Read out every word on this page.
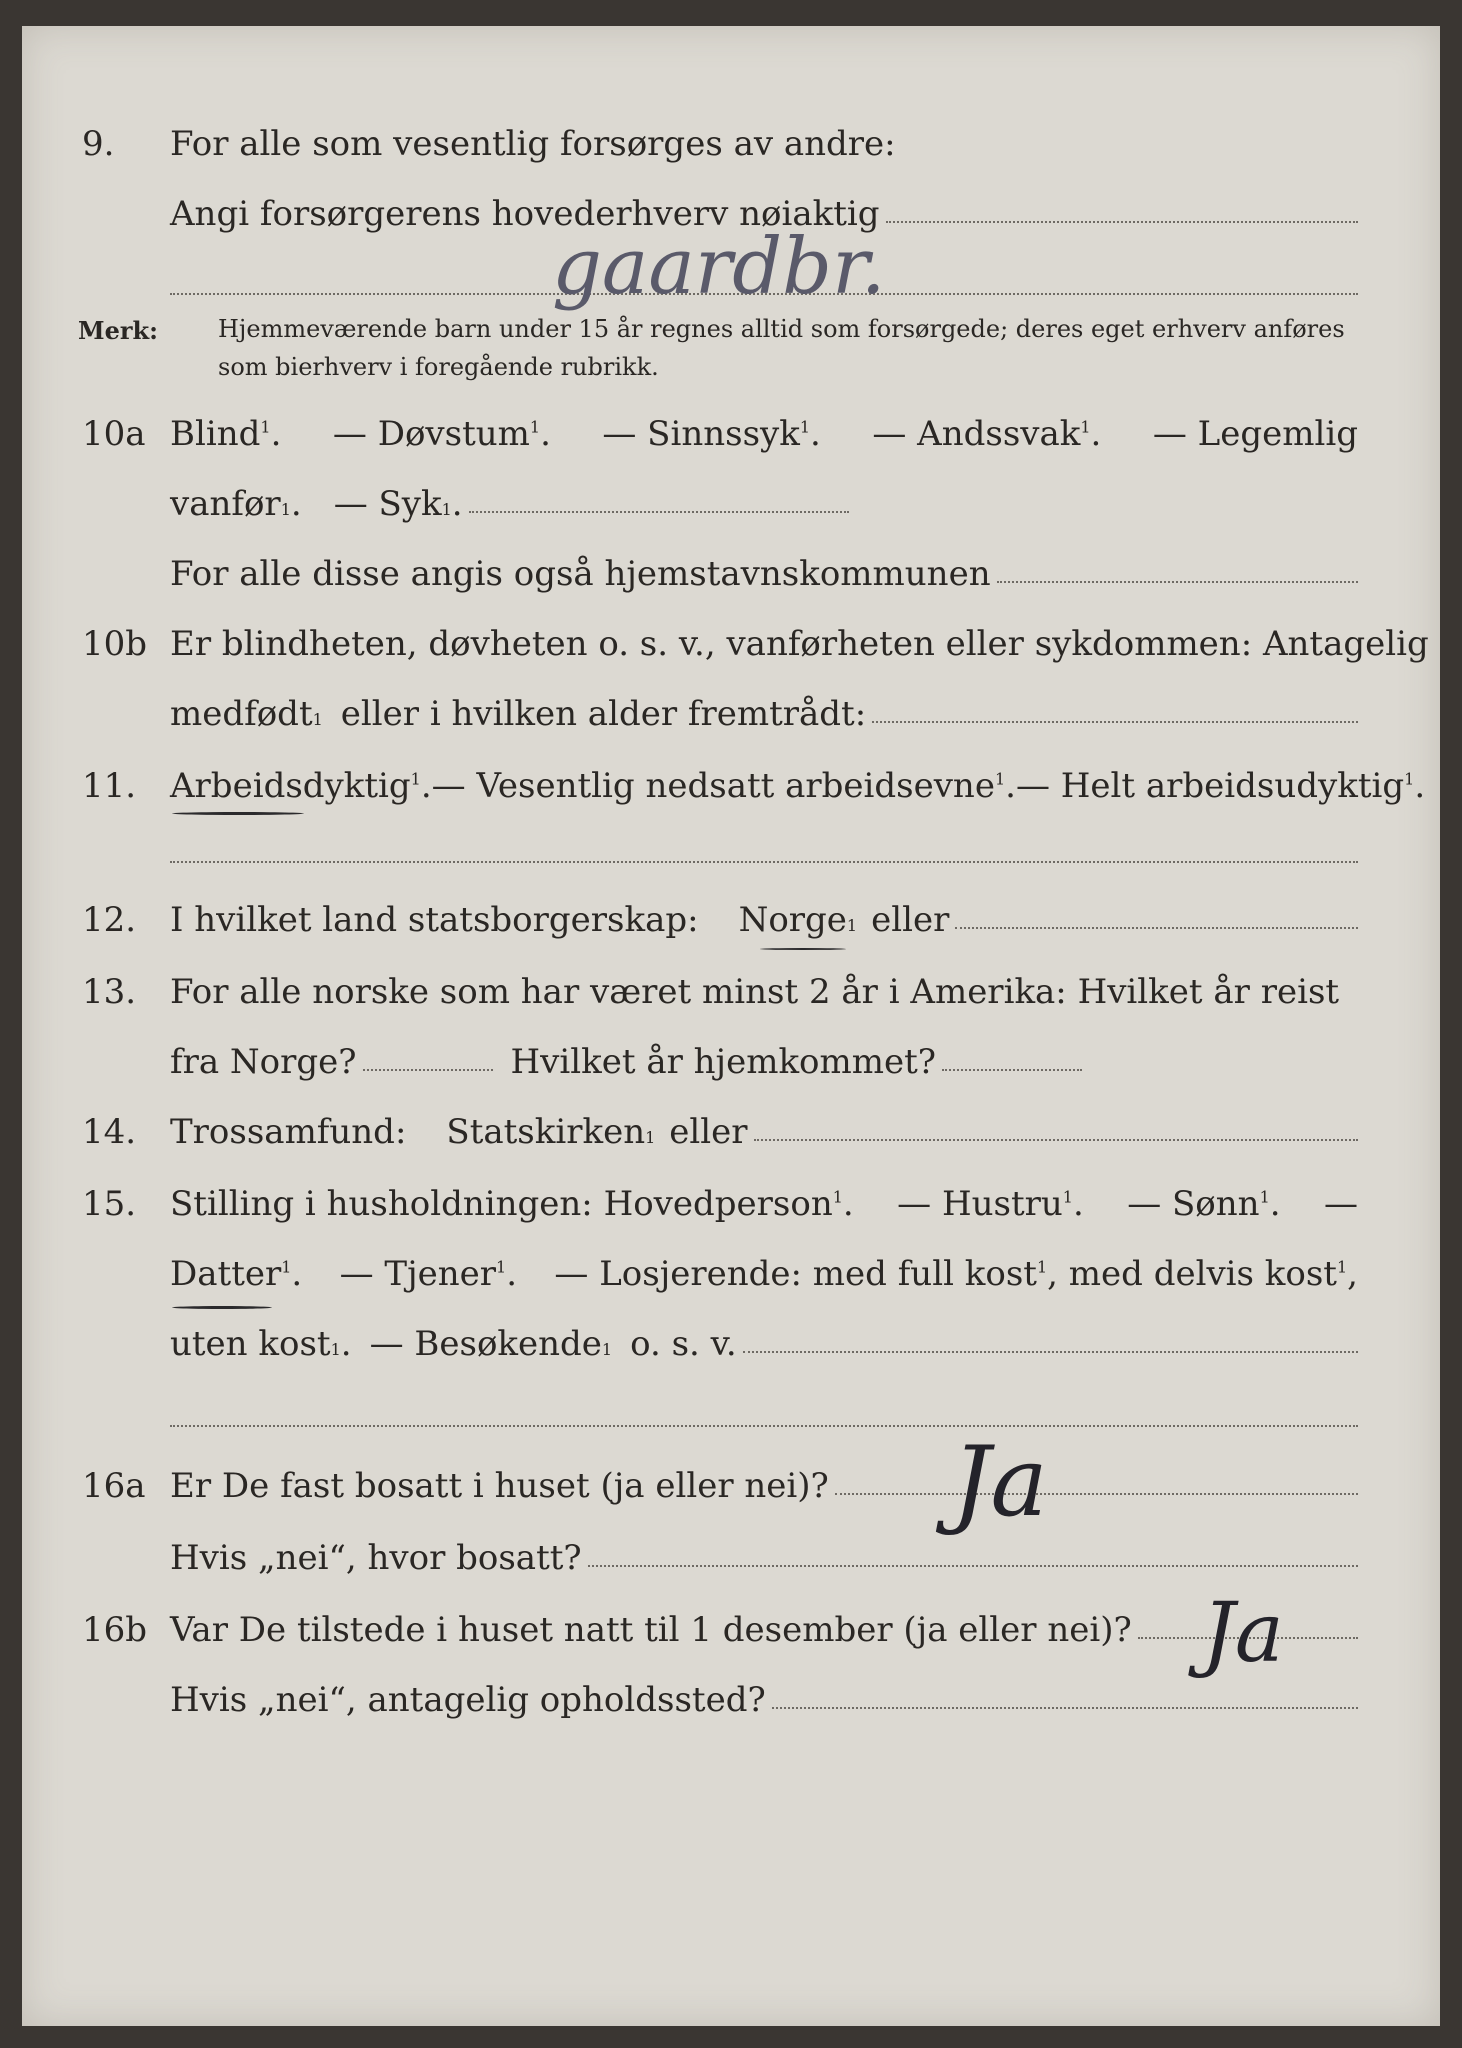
9. For alle som vesentlig forsørges av andre:
Angi forsørgerens hovederhverv nøiaktig
gaardbr.
Merk:	Hjemmeværende barn under 15 år regnes alltid som forsørgede; deres eget erhverv anføres som bierhverv i foregående rubrikk.
10a Blind$^1$. — Døvstum$^1$. — Sinnssyk$^1$. — Andssvak$^1$. — Legemlig
vanfør 1 . — Syk 1 .
For alle disse angis også hjemstavnskommunen
10b Er blindheten, døvheten o. s. v., vanførheten eller sykdommen: Antagelig
medfødt 1 eller i hvilken alder fremtrådt:
11. Arbeidsdyktig$^1$. — Vesentlig nedsatt arbeidsevne$^1$. — Helt arbeidsudyktig$^1$.
12. I hvilket land statsborgerskap: Norge 1 eller
13. For alle norske som har været minst 2 år i Amerika: Hvilket år reist
fra Norge?	Hvilket år hjemkommet?
14. Trossamfund: Statskirken 1 eller
15. Stilling i husholdningen: Hovedperson$^1$. — Hustru$^1$. — Sønn$^1$. —
Datter$^1$. — Tjener$^1$. — Losjerende: med full kost$^1$, med delvis kost$^1$,
uten kost 1 . — Besøkende 1 o. s. v.
16a Er De fast bosatt i huset (ja eller nei)? Ja
Hvis „nei“, hvor bosatt?
16b Var De tilstede i huset natt til 1 desember (ja eller nei)? Ja
Hvis „nei“, antagelig opholdssted?
